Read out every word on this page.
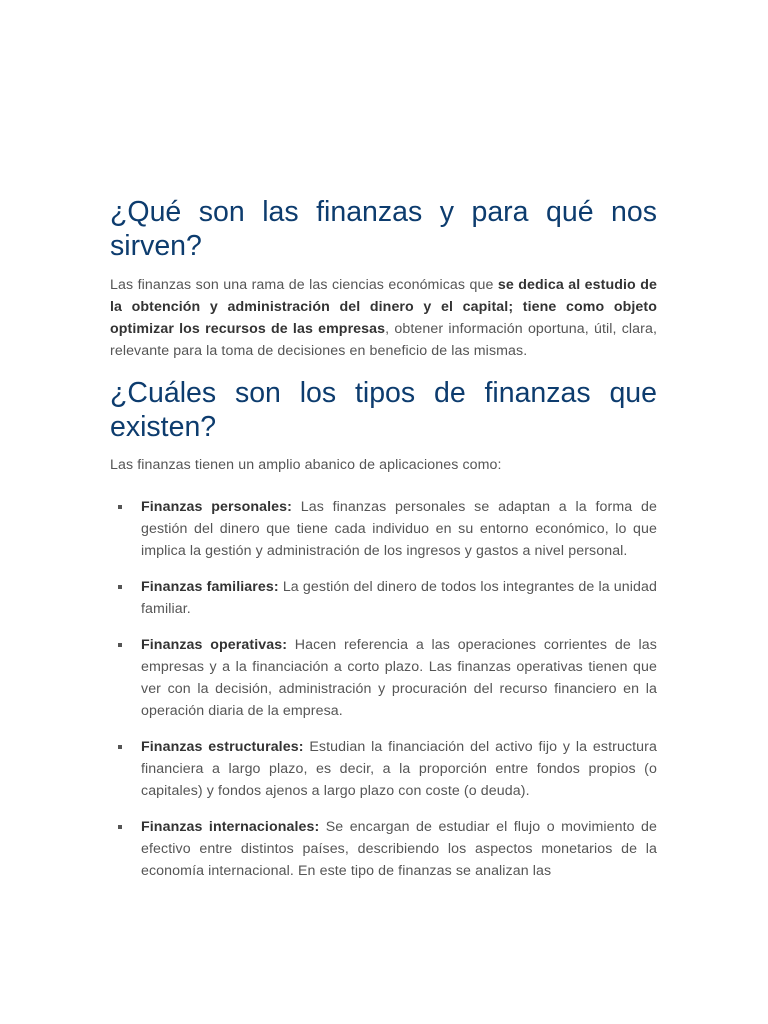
¿Qué son las finanzas y para qué nos sirven?

Las finanzas son una rama de las ciencias económicas que se dedica al estudio de la obtención y administración del dinero y el capital; tiene como objeto optimizar los recursos de las empresas, obtener información oportuna, útil, clara, relevante para la toma de decisiones en beneficio de las mismas.

¿Cuáles son los tipos de finanzas que existen?

Las finanzas tienen un amplio abanico de aplicaciones como:

Finanzas personales: Las finanzas personales se adaptan a la forma de gestión del dinero que tiene cada individuo en su entorno económico, lo que implica la gestión y administración de los ingresos y gastos a nivel personal.
Finanzas familiares: La gestión del dinero de todos los integrantes de la unidad familiar.
Finanzas operativas: Hacen referencia a las operaciones corrientes de las empresas y a la financiación a corto plazo. Las finanzas operativas tienen que ver con la decisión, administración y procuración del recurso financiero en la operación diaria de la empresa.
Finanzas estructurales: Estudian la financiación del activo fijo y la estructura financiera a largo plazo, es decir, a la proporción entre fondos propios (o capitales) y fondos ajenos a largo plazo con coste (o deuda).
Finanzas internacionales: Se encargan de estudiar el flujo o movimiento de efectivo entre distintos países, describiendo los aspectos monetarios de la economía internacional. En este tipo de finanzas se analizan las
